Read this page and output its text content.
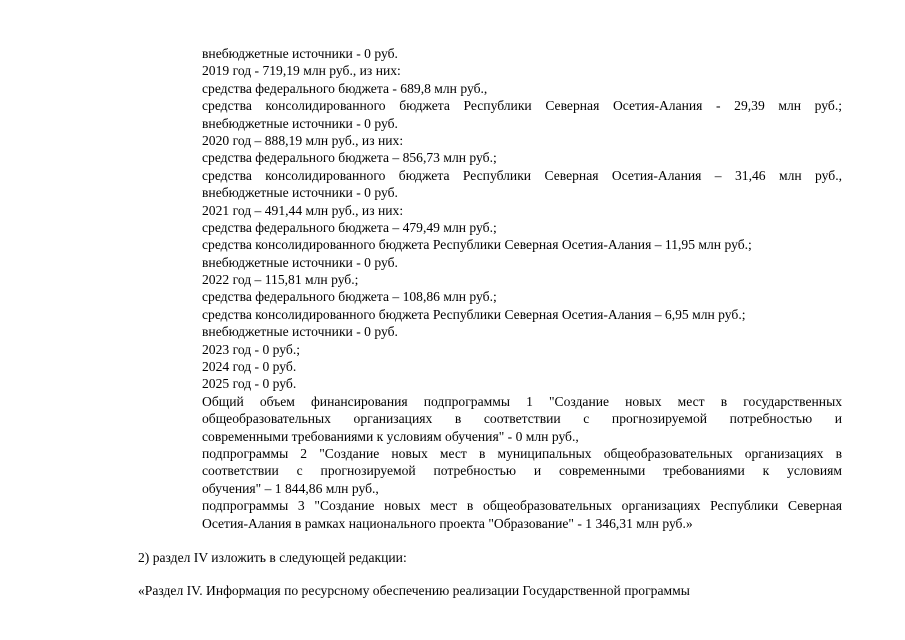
внебюджетные источники - 0 руб.
2019 год - 719,19 млн руб., из них:
средства федерального бюджета - 689,8 млн руб.,
средства консолидированного бюджета Республики Северная Осетия-Алания - 29,39 млн руб.;
внебюджетные источники - 0 руб.
2020 год – 888,19 млн руб., из них:
средства федерального бюджета – 856,73 млн руб.;
средства консолидированного бюджета Республики Северная Осетия-Алания – 31,46 млн руб.,
внебюджетные источники - 0 руб.
2021 год – 491,44 млн руб., из них:
средства федерального бюджета – 479,49 млн руб.;
средства консолидированного бюджета Республики Северная Осетия-Алания – 11,95 млн руб.;
внебюджетные источники - 0 руб.
2022 год – 115,81 млн руб.;
средства федерального бюджета – 108,86 млн руб.;
средства консолидированного бюджета Республики Северная Осетия-Алания – 6,95 млн руб.;
внебюджетные источники - 0 руб.
2023 год - 0 руб.;
2024 год - 0 руб.
2025 год - 0 руб.
Общий объем финансирования подпрограммы 1 "Создание новых мест в государственных
общеобразовательных организациях в соответствии с прогнозируемой потребностью и
современными требованиями к условиям обучения" - 0 млн руб.,
подпрограммы 2 "Создание новых мест в муниципальных общеобразовательных организациях в
соответствии с прогнозируемой потребностью и современными требованиями к условиям
обучения" – 1 844,86 млн руб.,
подпрограммы 3 "Создание новых мест в общеобразовательных организациях Республики Северная
Осетия-Алания в рамках национального проекта "Образование" - 1 346,31 млн руб.»
2) раздел IV изложить в следующей редакции:
«Раздел IV. Информация по ресурсному обеспечению реализации Государственной программы
